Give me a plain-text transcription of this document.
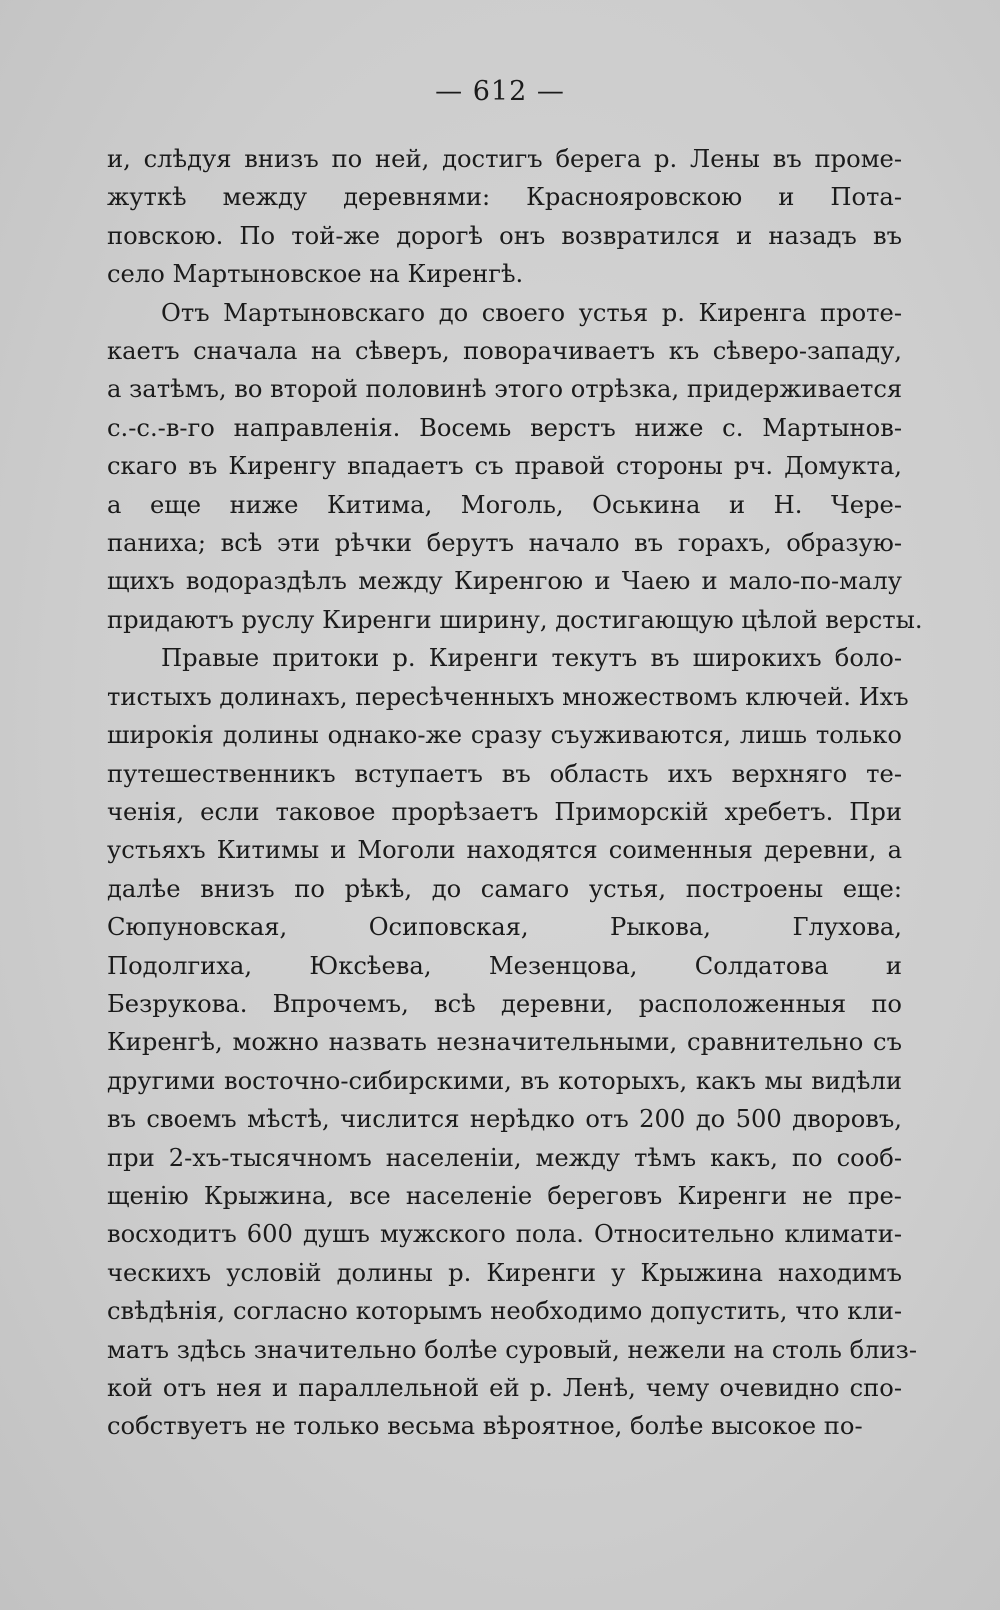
— 612 —

и, слѣдуя внизъ по ней, достигъ берега р. Лены въ проме-
жуткѣ между деревнями: Краснояровскою и Пота-
повскою. По той-же дорогѣ онъ возвратился и назадъ въ
село Мартыновское на Киренгѣ.

Отъ Мартыновскаго до своего устья р. Киренга проте-
каетъ сначала на сѣверъ, поворачиваетъ къ сѣверо-западу,
а затѣмъ, во второй половинѣ этого отрѣзка, придерживается
с.-с.-в-го направленія. Восемь верстъ ниже с. Мартынов-
скаго въ Киренгу впадаетъ съ правой стороны рч. Домукта,
а еще ниже Китима, Моголь, Оськина и Н. Чере-
паниха; всѣ эти рѣчки берутъ начало въ горахъ, образую-
щихъ водораздѣлъ между Киренгою и Чаею и мало-по-малу
придаютъ руслу Киренги ширину, достигающую цѣлой версты.

Правые притоки р. Киренги текутъ въ широкихъ боло-
тистыхъ долинахъ, пересѣченныхъ множествомъ ключей. Ихъ
широкія долины однако-же сразу съуживаются, лишь только
путешественникъ вступаетъ въ область ихъ верхняго те-
ченія, если таковое прорѣзаетъ Приморскій хребетъ. При
устьяхъ Китимы и Моголи находятся соименныя деревни, а
далѣе внизъ по рѣкѣ, до самаго устья, построены еще:
Сюпуновская, Осиповская, Рыкова, Глухова,
Подолгиха, Юксѣева, Мезенцова, Солдатова и
Безрукова. Впрочемъ, всѣ деревни, расположенныя по
Киренгѣ, можно назвать незначительными, сравнительно съ
другими восточно-сибирскими, въ которыхъ, какъ мы видѣли
въ своемъ мѣстѣ, числится нерѣдко отъ 200 до 500 дворовъ,
при 2-хъ-тысячномъ населеніи, между тѣмъ какъ, по сооб-
щенію Крыжина, все населеніе береговъ Киренги не пре-
восходитъ 600 душъ мужского пола. Относительно климати-
ческихъ условій долины р. Киренги у Крыжина находимъ
свѣдѣнія, согласно которымъ необходимо допустить, что кли-
матъ здѣсь значительно болѣе суровый, нежели на столь близ-
кой отъ нея и параллельной ей р. Ленѣ, чему очевидно спо-
собствуетъ не только весьма вѣроятное, болѣе высокое по-
